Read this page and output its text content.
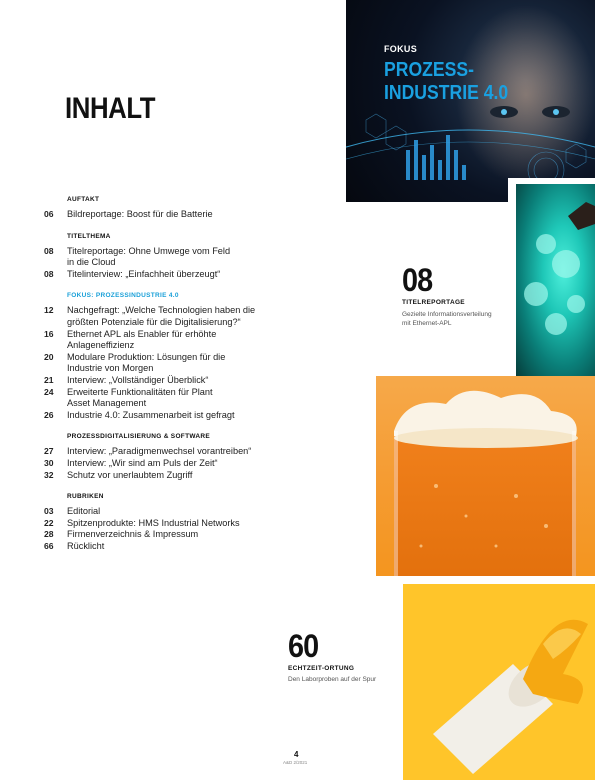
INHALT
AUFTAKT
06	Bildreportage: Boost für die Batterie
TITELTHEMA
08	Titelreportage: Ohne Umwege vom Feld
in die Cloud
08	Titelinterview: „Einfachheit überzeugt“
FOKUS: PROZESSINDUSTRIE 4.0
12	Nachgefragt: „Welche Technologien haben die
größten Potenziale für die Digitalisierung?“
16	Ethernet APL als Enabler für erhöhte
Anlageneffizienz
20	Modulare Produktion: Lösungen für die
Industrie von Morgen
21	Interview: „Vollständiger Überblick“
24	Erweiterte Funktionalitäten für Plant
Asset Management
26	Industrie 4.0: Zusammenarbeit ist gefragt
PROZESSDIGITALISIERUNG & SOFTWARE
27	Interview: „Paradigmenwechsel vorantreiben“
30	Interview: „Wir sind am Puls der Zeit“
32	Schutz vor unerlaubtem Zugriff
RUBRIKEN
03	Editorial
22	Spitzenprodukte: HMS Industrial Networks
28	Firmenverzeichnis & Impressum
66	Rücklicht
FOKUS
PROZESS-
INDUSTRIE 4.0
08
TITELREPORTAGE
Gezielte Informationsverteilung
mit Ethernet-APL
60
ECHTZEIT-ORTUNG
Den Laborproben auf der Spur
4
A&D 2/2021
